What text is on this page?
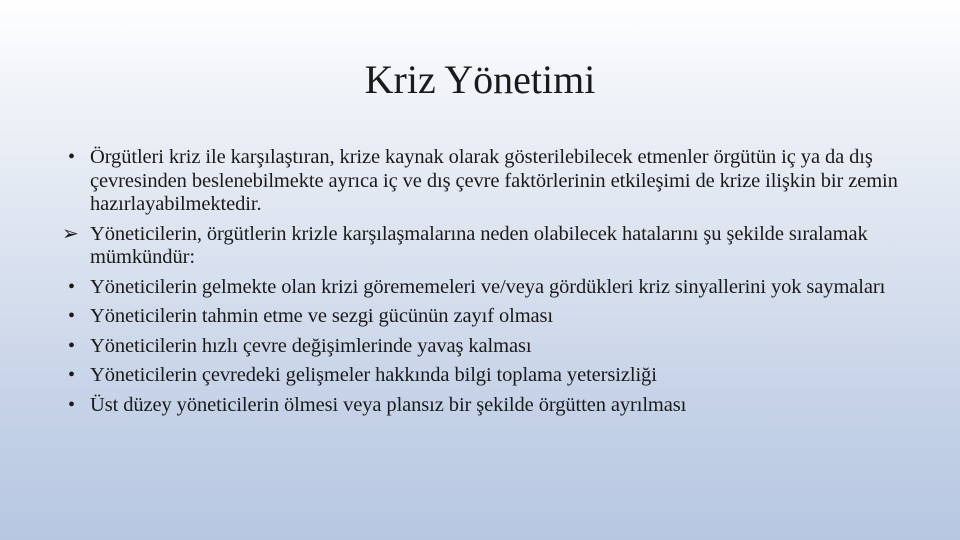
Kriz Yönetimi
• Örgütleri kriz ile karşılaştıran, krize kaynak olarak gösterilebilecek etmenler örgütün iç ya da dış çevresinden beslenebilmekte ayrıca iç ve dış çevre faktörlerinin etkileşimi de krize ilişkin bir zemin hazırlayabilmektedir.
➢ Yöneticilerin, örgütlerin krizle karşılaşmalarına neden olabilecek hatalarını şu şekilde sıralamak mümkündür:
• Yöneticilerin gelmekte olan krizi görememeleri ve/veya gördükleri kriz sinyallerini yok saymaları
• Yöneticilerin tahmin etme ve sezgi gücünün zayıf olması
• Yöneticilerin hızlı çevre değişimlerinde yavaş kalması
• Yöneticilerin çevredeki gelişmeler hakkında bilgi toplama yetersizliği
• Üst düzey yöneticilerin ölmesi veya plansız bir şekilde örgütten ayrılması
